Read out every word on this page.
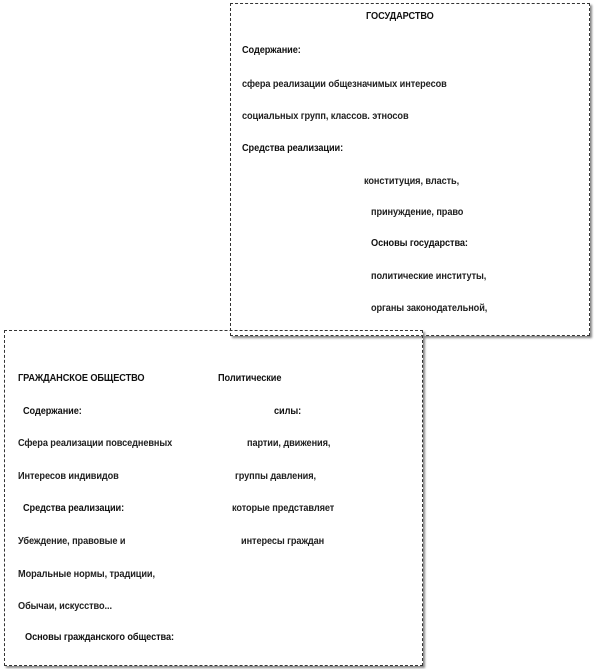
ГОСУДАРСТВО
Содержание:
сфера реализации общезначимых интересов
социальных групп, классов. этносов
Средства реализации:
конституция, власть,
принуждение, право
Основы государства:
политические институты,
органы законодательной,
ГРАЖДАНСКОЕ ОБЩЕСТВО
Содержание:
Сфера реализации повседневных
Интересов индивидов
Средства реализации:
Убеждение, правовые и
Моральные нормы, традиции,
Обычаи, искусство...
Основы гражданского общества:
Политические
силы:
партии, движения,
группы давления,
которые представляет
интересы граждан
